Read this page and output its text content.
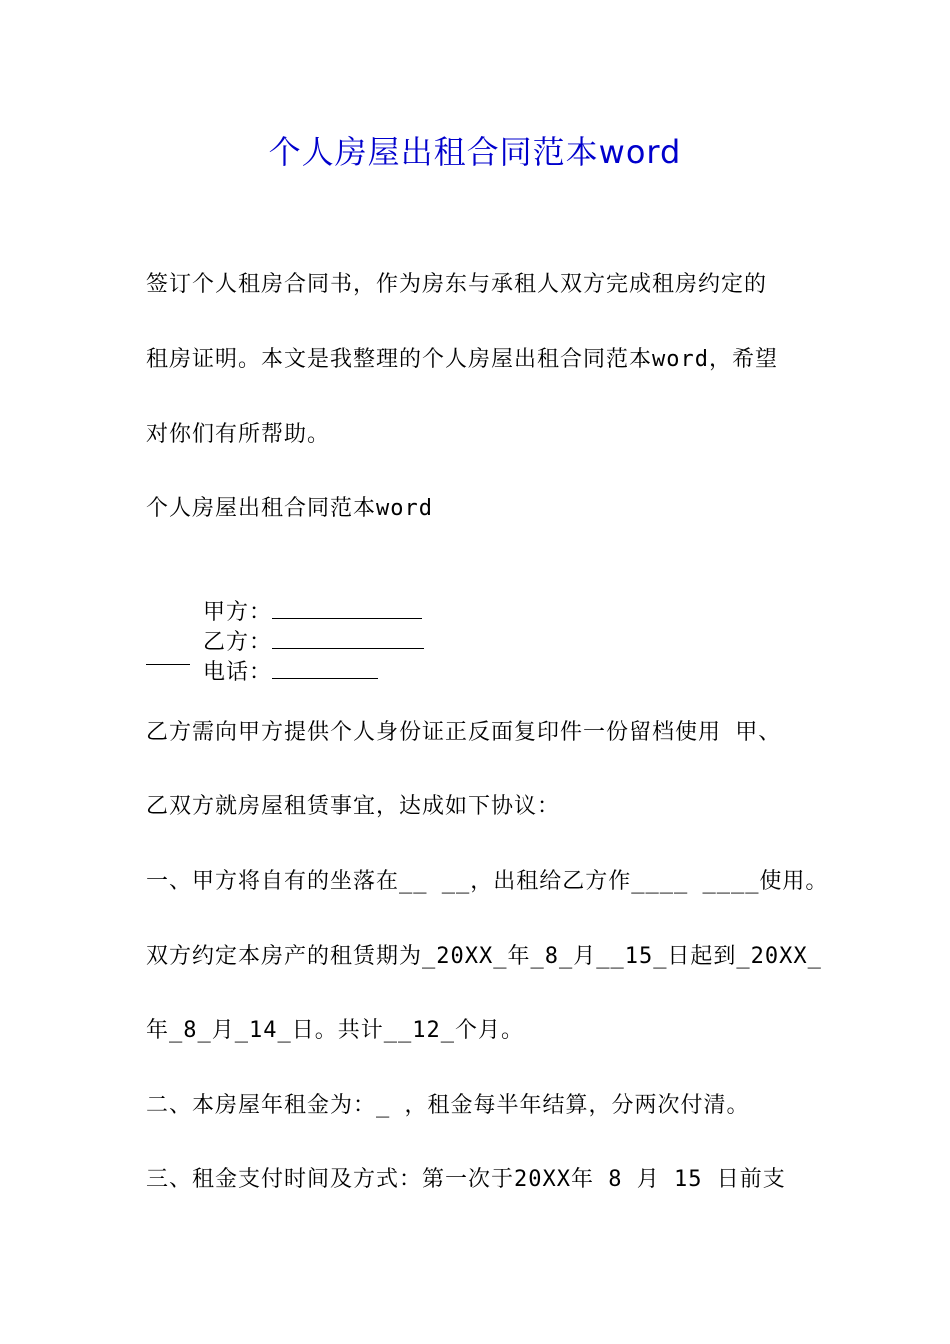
个人房屋出租合同范本word
签订个人租房合同书，作为房东与承租人双方完成租房约定的
租房证明。本文是我整理的个人房屋出租合同范本word，希望
对你们有所帮助。
个人房屋出租合同范本word

甲方：
乙方：
电话：

乙方需向甲方提供个人身份证正反面复印件一份留档使用 甲、
乙双方就房屋租赁事宜，达成如下协议：
一、甲方将自有的坐落在__ __，出租给乙方作____ ____使用。
双方约定本房产的租赁期为_20XX_年_8_月__15_日起到_20XX_
年_8_月_14_日。共计__12_个月。
二、本房屋年租金为：_ ，租金每半年结算，分两次付清。
三、租金支付时间及方式：第一次于20XX年 8 月 15 日前支
